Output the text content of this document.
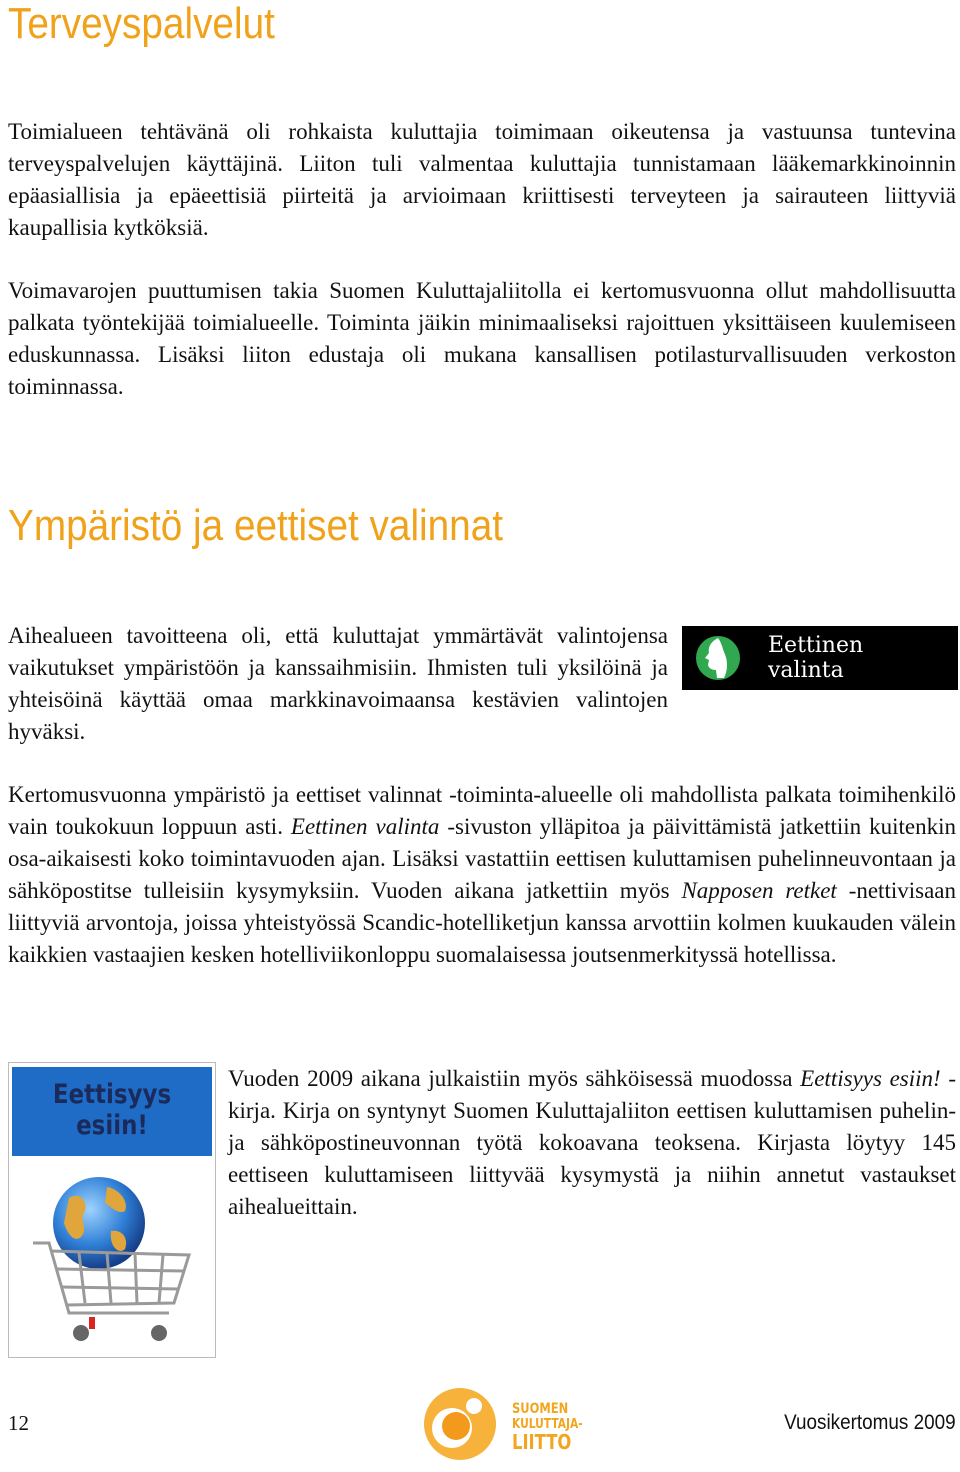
Terveyspalvelut

Toimialueen tehtävänä oli rohkaista kuluttajia toimimaan oikeutensa ja vastuunsa tuntevina terveyspalvelujen käyttäjinä. Liiton tuli valmentaa kuluttajia tunnistamaan lääkemarkkinoinnin epäasiallisia ja epäeettisiä piirteitä ja arvioimaan kriittisesti terveyteen ja sairauteen liittyviä kaupallisia kytköksiä.

Voimavarojen puuttumisen takia Suomen Kuluttajaliitolla ei kertomusvuonna ollut mahdollisuutta palkata työntekijää toimialueelle. Toiminta jäikin minimaaliseksi rajoittuen yksittäiseen kuulemiseen eduskunnassa. Lisäksi liiton edustaja oli mukana kansallisen potilasturvallisuuden verkoston toiminnassa.

Ympäristö ja eettiset valinnat

Aihealueen tavoitteena oli, että kuluttajat ymmärtävät valintojensa vaikutukset ympäristöön ja kanssaihmisiin. Ihmisten tuli yksilöinä ja yhteisöinä käyttää omaa markkinavoimaansa kestävien valintojen hyväksi.

Eettinen
valinta

Kertomusvuonna ympäristö ja eettiset valinnat -toiminta-alueelle oli mahdollista palkata toimihenkilö vain toukokuun loppuun asti. Eettinen valinta -sivuston ylläpitoa ja päivittämistä jatkettiin kuitenkin osa-aikaisesti koko toimintavuoden ajan. Lisäksi vastattiin eettisen kuluttamisen puhelinneuvontaan ja sähköpostitse tulleisiin kysymyksiin. Vuoden aikana jatkettiin myös Napposen retket -nettivisaan liittyviä arvontoja, joissa yhteistyössä Scandic-hotelliketjun kanssa arvottiin kolmen kuukauden välein kaikkien vastaajien kesken hotelliviikonloppu suomalaisessa joutsenmerkityssä hotellissa.

Eettisyys
esiin!

Vuoden 2009 aikana julkaistiin myös sähköisessä muodossa Eettisyys esiin! -kirja. Kirja on syntynyt Suomen Kuluttajaliiton eettisen kuluttamisen puhelin- ja sähköpostineuvonnan työtä kokoavana teoksena. Kirjasta löytyy 145 eettiseen kuluttamiseen liittyvää kysymystä ja niihin annetut vastaukset aihealueittain.

12
SUOMEN
KULUTTAJA-
LIITTO
Vuosikertomus 2009
